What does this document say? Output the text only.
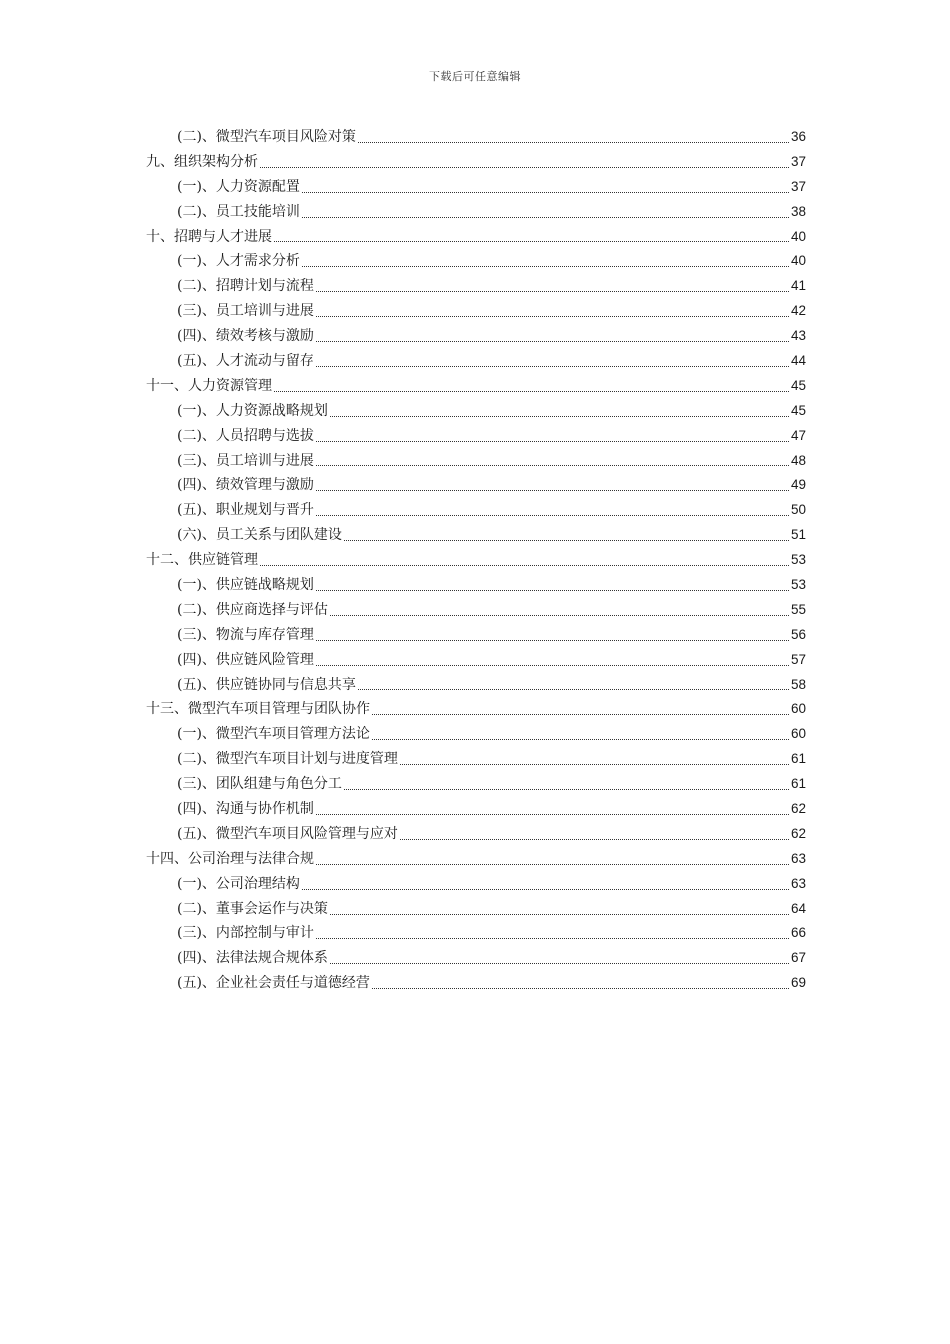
下载后可任意编辑
(二)、微型汽车项目风险对策	36
九、组织架构分析	37
(一)、人力资源配置	37
(二)、员工技能培训	38
十、招聘与人才进展	40
(一)、人才需求分析	40
(二)、招聘计划与流程	41
(三)、员工培训与进展	42
(四)、绩效考核与激励	43
(五)、人才流动与留存	44
十一、人力资源管理	45
(一)、人力资源战略规划	45
(二)、人员招聘与选拔	47
(三)、员工培训与进展	48
(四)、绩效管理与激励	49
(五)、职业规划与晋升	50
(六)、员工关系与团队建设	51
十二、供应链管理	53
(一)、供应链战略规划	53
(二)、供应商选择与评估	55
(三)、物流与库存管理	56
(四)、供应链风险管理	57
(五)、供应链协同与信息共享	58
十三、微型汽车项目管理与团队协作	60
(一)、微型汽车项目管理方法论	60
(二)、微型汽车项目计划与进度管理	61
(三)、团队组建与角色分工	61
(四)、沟通与协作机制	62
(五)、微型汽车项目风险管理与应对	62
十四、公司治理与法律合规	63
(一)、公司治理结构	63
(二)、董事会运作与决策	64
(三)、内部控制与审计	66
(四)、法律法规合规体系	67
(五)、企业社会责任与道德经营	69
